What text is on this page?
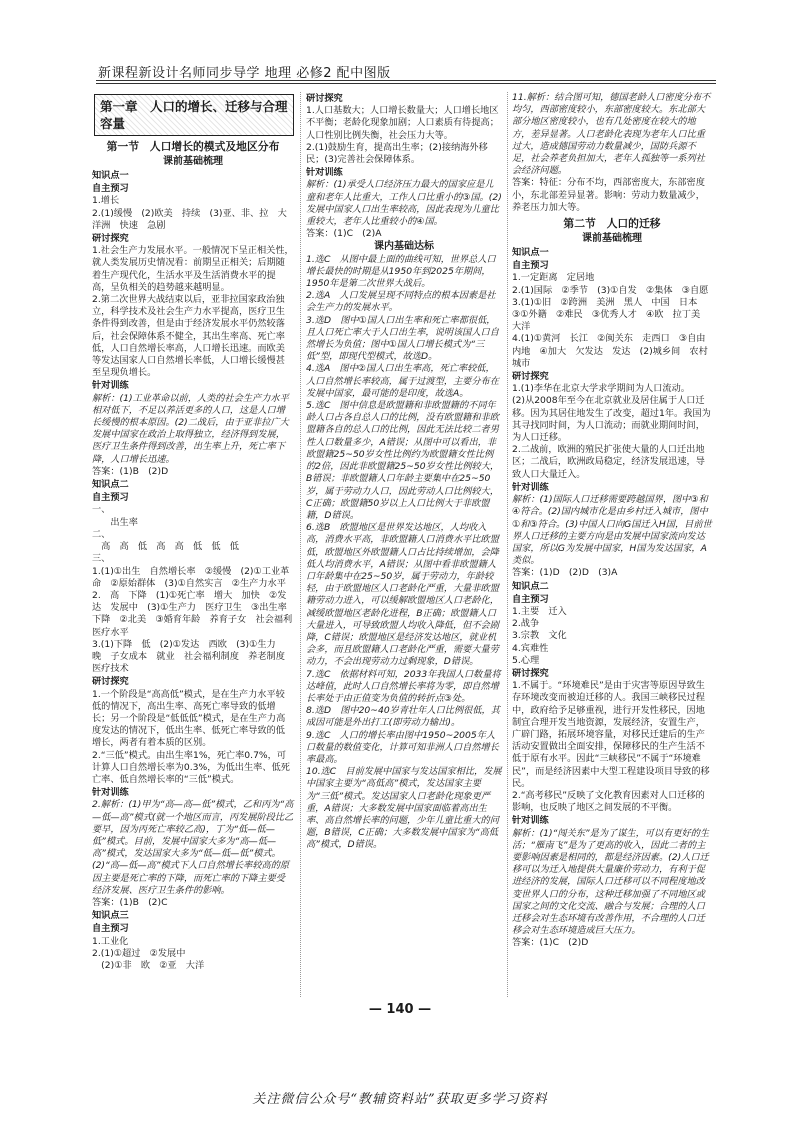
新课程新设计名师同步导学 地理 必修2 配中图版
第一章　人口的增长、迁移与合理容量
第一节　人口增长的模式及地区分布
课前基础梳理
知识点一
自主预习
1.增长
2.(1)缓慢　(2)欧美　持续　(3)亚、非、拉　大洋洲　快速　急剧
研讨探究
1.社会生产力发展水平。一般情况下呈正相关性，就人类发展历史情况看：前期呈正相关；后期随着生产现代化，生活水平及生活消费水平的提高，呈负相关的趋势越来越明显。
2.第二次世界大战结束以后，亚非拉国家政治独立，科学技术及社会生产力水平提高，医疗卫生条件得到改善，但是由于经济发展水平仍然较落后，社会保障体系不健全，其出生率高、死亡率低，人口自然增长率高，人口增长迅速。而欧美等发达国家人口自然增长率低，人口增长缓慢甚至呈现负增长。
针对训练
解析：(1)工业革命以前，人类的社会生产力水平相对低下，不足以养活更多的人口，这是人口增长缓慢的根本原因。(2)二战后，由于亚非拉广大发展中国家在政治上取得独立，经济得到发展，医疗卫生条件得到改善，出生率上升，死亡率下降，人口增长迅速。
答案：(1)B　(2)D
知识点二
自主预习
一、
　　出生率
二、
　高　高　低　高　高　低　低　低
三、
1.(1)①出生　自然增长率　②缓慢　(2)①工业革命　②原始群体　(3)①自然实言　②生产力水平
2.　高　下降　(1)①死亡率　增大　加快　②发达　发展中　(3)①生产力　医疗卫生　③出生率　下降　②北美　③婚育年龄　养育子女　社会福利　医疗水平
3.(1)下降　低　(2)①发达　西欧　(3)①生力　晚　子女成本　就业　社会福利制度　养老制度　医疗技术
研讨探究
1.一个阶段是“高高低”模式，是在生产力水平较低的情况下，高出生率、高死亡率导致的低增长；另一个阶段是“低低低”模式，是在生产力高度发达的情况下，低出生率、低死亡率导致的低增长，两者有着本质的区别。
2.“三低”模式。由出生率1%，死亡率0.7%，可计算人口自然增长率为0.3%，为低出生率、低死亡率、低自然增长率的“三低”模式。
针对训练
2.解析：(1)甲为“高—高—低”模式，乙和丙为“高—低—高”模式(就一个地区而言，丙发展阶段比乙要早，因为丙死亡率较乙高)，丁为“低—低—低”模式。目前，发展中国家大多为“高—低—高”模式，发达国家大多为“低—低—低”模式。(2)“高—低—高”模式下人口自然增长率较高的原因主要是死亡率的下降，而死亡率的下降主要受经济发展、医疗卫生条件的影响。
答案：(1)B　(2)C
知识点三
自主预习
1.工业化
2.(1)①超过　②发展中
　(2)①非　欧　②亚　大洋
研讨探究
1.人口基数大；人口增长数量大；人口增长地区不平衡；老龄化现象加剧；人口素质有待提高；人口性别比例失衡，社会压力大等。
2.(1)鼓励生育，提高出生率；(2)接纳海外移民；(3)完善社会保障体系。
针对训练
解析：(1)承受人口经济压力最大的国家应是儿童和老年人比重大，工作人口比重小的③国。(2)发展中国家人口出生率较高，因此表现为儿童比重较大，老年人比重较小的④国。
答案：(1)C　(2)A
课内基础达标
1.选C　从图中最上面的曲线可知，世界总人口增长最快的时期是从1950年到2025年期间，1950年是第二次世界大战后。
2.选A　人口发展呈现不同特点的根本因素是社会生产力的发展水平。
3.选D　图中①国人口出生率和死亡率都很低，且人口死亡率大于人口出生率，说明该国人口自然增长为负值；图中①国人口增长模式为“三低”型，即现代型模式，故选D。
4.选A　图中②国人口出生率高，死亡率较低，人口自然增长率较高，属于过渡型，主要分布在发展中国家，最可能的是印度，故选A。
5.选C　图中信息是欧盟籍和非欧盟籍的不同年龄人口占各自总人口的比例，没有欧盟籍和非欧盟籍各自的总人口的比例，因此无法比较二者男性人口数量多少，A错误；从图中可以看出，非欧盟籍25~50岁女性比例约为欧盟籍女性比例的2倍，因此非欧盟籍25~50岁女性比例较大，B错误；非欧盟籍人口年龄主要集中在25~50岁，属于劳动力人口，因此劳动人口比例较大，C正确；欧盟籍50岁以上人口比例大于非欧盟籍，D错误。
6.选B　欧盟地区是世界发达地区，人均收入高，消费水平高，非欧盟籍人口消费水平比欧盟低，欧盟地区外欧盟籍人口占比持续增加，会降低人均消费水平，A错误；从图中看非欧盟籍人口年龄集中在25~50岁，属于劳动力，年龄较轻，由于欧盟地区人口老龄化严重，大量非欧盟籍劳动力进入，可以缓解欧盟地区人口老龄化，减缓欧盟地区老龄化进程，B正确；欧盟籍人口大量进入，可导致欧盟人均收入降低，但不会剧降，C错误；欧盟地区是经济发达地区，就业机会多，而且欧盟籍人口老龄化严重，需要大量劳动力，不会出现劳动力过剩现象，D错误。
7.选C　依据材料可知，2033年我国人口数量将达峰值，此时人口自然增长率将为零，即自然增长率处于由正值变为负值的转折点③处。
8.选D　图中20~40岁青壮年人口比例很低，其成因可能是外出打工(即劳动力输出)。
9.选C　人口的增长率由图中1950~2005年人口数量的数值变化，计算可知非洲人口自然增长率最高。
10.选C　目前发展中国家与发达国家相比，发展中国家主要为“高低高”模式，发达国家主要为“三低”模式。发达国家人口老龄化现象更严重，A错误；大多数发展中国家面临着高出生率、高自然增长率的问题，少年儿童比重大的问题，B错误，C正确；大多数发展中国家为“高低高”模式，D错误。
11.解析：结合图可知，德国老龄人口密度分布不均匀，西部密度较小，东部密度较大。东北部大部分地区密度较小，也有几处密度在较大的地方，差异显著。人口老龄化表现为老年人口比重过大，造成德国劳动力数量减少，国防兵源不足，社会养老负担加大，老年人孤独等一系列社会经济问题。
答案：特征：分布不均，西部密度大，东部密度小，东北部差异显著。影响：劳动力数量减少，养老压力加大等。
第二节　人口的迁移
课前基础梳理
知识点一
自主预习
1.一定距离　定居地
2.(1)国际　②季节　(3)①自发　②集体　③自愿
3.(1)①旧　②跨洲　美洲　黑人　中国　日本　③①外籍　②难民　③优秀人才　④欧　拉丁美　大洋
4.(1)①黄河　长江　②闽关东　走西口　③自由　内地　④加大　欠发达　发达　(2)城乡间　农村　城市
研讨探究
1.(1)李华在北京大学求学期间为人口流动。
(2)从2008年至今在北京就业及居住属于人口迁移。因为其居住地发生了改变，超过1年。我国为其寻找同时间，为人口流动；而就业期间时间，为人口迁移。
2.二战前，欧洲的殖民扩张使大量的人口迁出地区；二战后，欧洲政局稳定，经济发展迅速，导致人口大量迁入。
针对训练
解析：(1)国际人口迁移需要跨越国界，图中③和④符合。(2)国内城市化是由乡村迁入城市，图中①和③符合。(3)中国人口向G国迁入H国，目前世界人口迁移的主要方向是由发展中国家流向发达国家，所以G为发展中国家，H国为发达国家，A类似。
答案：(1)D　(2)D　(3)A
知识点二
自主预习
1.主要　迁入
2.战争
3.宗教　文化
4.宾难性
5.心理
研讨探究
1.不属于。“环境难民”是由于灾害等原因导致生存环境改变而被迫迁移的人。我国三峡移民过程中，政府给予足够重视，进行开发性移民，因地制宜合理开发当地资源，发展经济，安置生产，广辟门路，拓展环境容量，对移民迁建后的生产活动安置做出全面安排，保障移民的生产生活不低于原有水平。因此“三峡移民”不属于“环境难民”，而是经济因素中大型工程建设项目导致的移民。
2.“高考移民”反映了文化教育因素对人口迁移的影响，也反映了地区之间发展的不平衡。
针对训练
解析：(1)“闯关东”是为了谋生，可以有更好的生活；“雁南飞”是为了更高的收入，因此二者的主要影响因素是相同的，都是经济因素。(2)人口迁移可以为迁入地提供大量廉价劳动力，有利于促进经济的发展，国际人口迁移可以不同程度地改变世界人口的分布，这种迁移加强了不同地区或国家之间的文化交流、融合与发展；合理的人口迁移会对生态环境有改善作用，不合理的人口迁移会对生态环境造成巨大压力。
答案：(1)C　(2)D
— 140 —
关注微信公众号“教辅资料站”获取更多学习资料
